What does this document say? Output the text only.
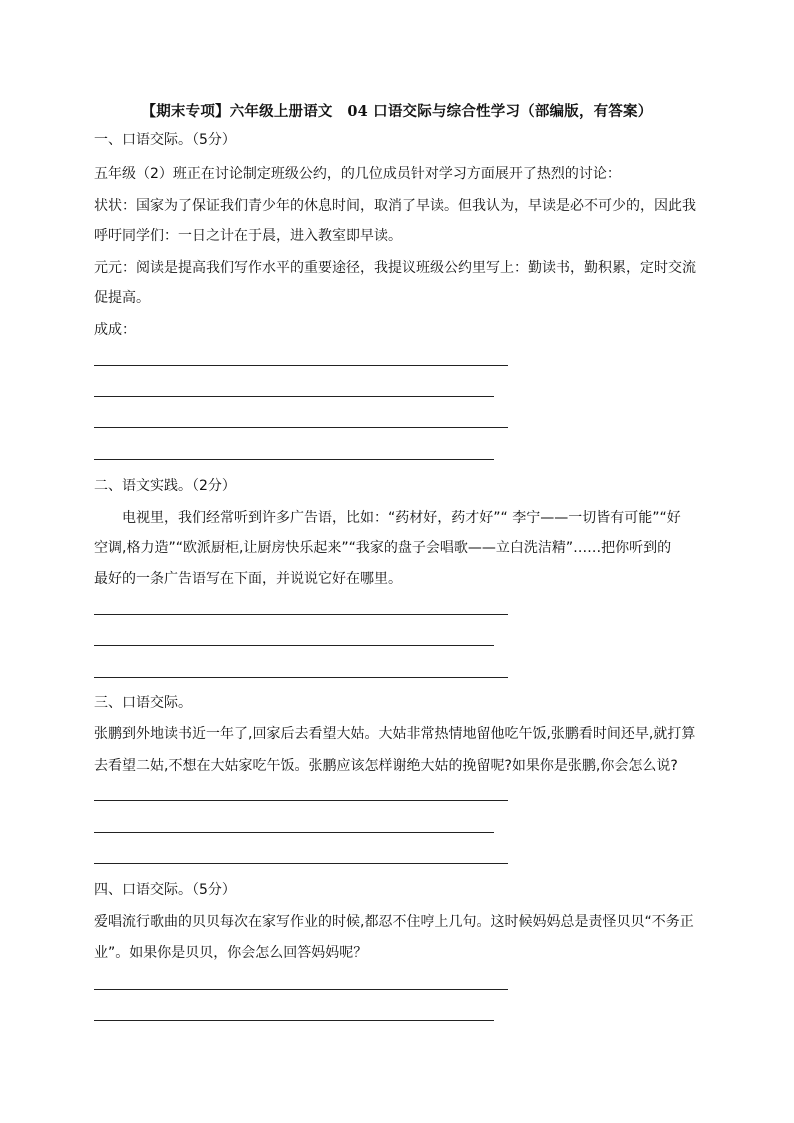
【期末专项】六年级上册语文　04 口语交际与综合性学习（部编版，有答案）
一、口语交际。（5分）
五年级（2）班正在讨论制定班级公约，的几位成员针对学习方面展开了热烈的讨论：
状状：国家为了保证我们青少年的休息时间，取消了早读。但我认为，早读是必不可少的，因此我
呼吁同学们：一日之计在于晨，进入教室即早读。
元元：阅读是提高我们写作水平的重要途径，我提议班级公约里写上：勤读书，勤积累，定时交流
促提高。
成成：
二、语文实践。（2分）
电视里，我们经常听到许多广告语，比如：“药材好，药才好”“ 李宁——一切皆有可能”“好
空调,格力造”“欧派厨柜,让厨房快乐起来”“我家的盘子会唱歌——立白洗洁精”……把你听到的
最好的一条广告语写在下面，并说说它好在哪里。
三、口语交际。
张鹏到外地读书近一年了,回家后去看望大姑。大姑非常热情地留他吃午饭,张鹏看时间还早,就打算
去看望二姑,不想在大姑家吃午饭。张鹏应该怎样谢绝大姑的挽留呢?如果你是张鹏,你会怎么说?
四、口语交际。（5分）
爱唱流行歌曲的贝贝每次在家写作业的时候,都忍不住哼上几句。这时候妈妈总是责怪贝贝“不务正
业”。如果你是贝贝，你会怎么回答妈妈呢？
